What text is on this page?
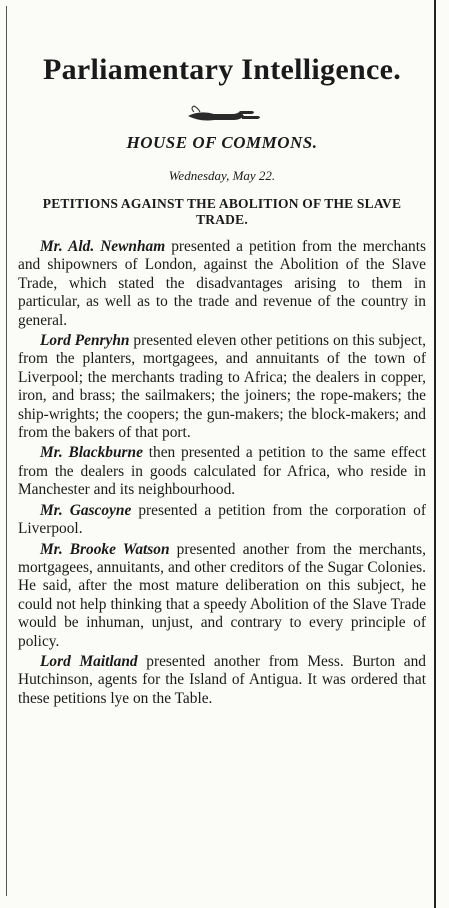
Parliamentary Intelligence.
HOUSE OF COMMONS.
Wednesday, May 22.
PETITIONS AGAINST THE ABOLITION OF THE SLAVE TRADE.

Mr. Ald. Newnham presented a petition from the merchants and shipowners of London, against the Abolition of the Slave Trade, which stated the disadvantages arising to them in particular, as well as to the trade and revenue of the country in general.

Lord Penryhn presented eleven other petitions on this subject, from the planters, mortgagees, and annuitants of the town of Liverpool; the merchants trading to Africa; the dealers in copper, iron, and brass; the sailmakers; the joiners; the rope-makers; the ship-wrights; the coopers; the gun-makers; the block-makers; and from the bakers of that port.

Mr. Blackburne then presented a petition to the same effect from the dealers in goods calculated for Africa, who reside in Manchester and its neighbourhood.

Mr. Gascoyne presented a petition from the corporation of Liverpool.

Mr. Brooke Watson presented another from the merchants, mortgagees, annuitants, and other creditors of the Sugar Colonies. He said, after the most mature deliberation on this subject, he could not help thinking that a speedy Abolition of the Slave Trade would be inhuman, unjust, and contrary to every principle of policy.

Lord Maitland presented another from Mess. Burton and Hutchinson, agents for the Island of Antigua. It was ordered that these petitions lye on the Table.
